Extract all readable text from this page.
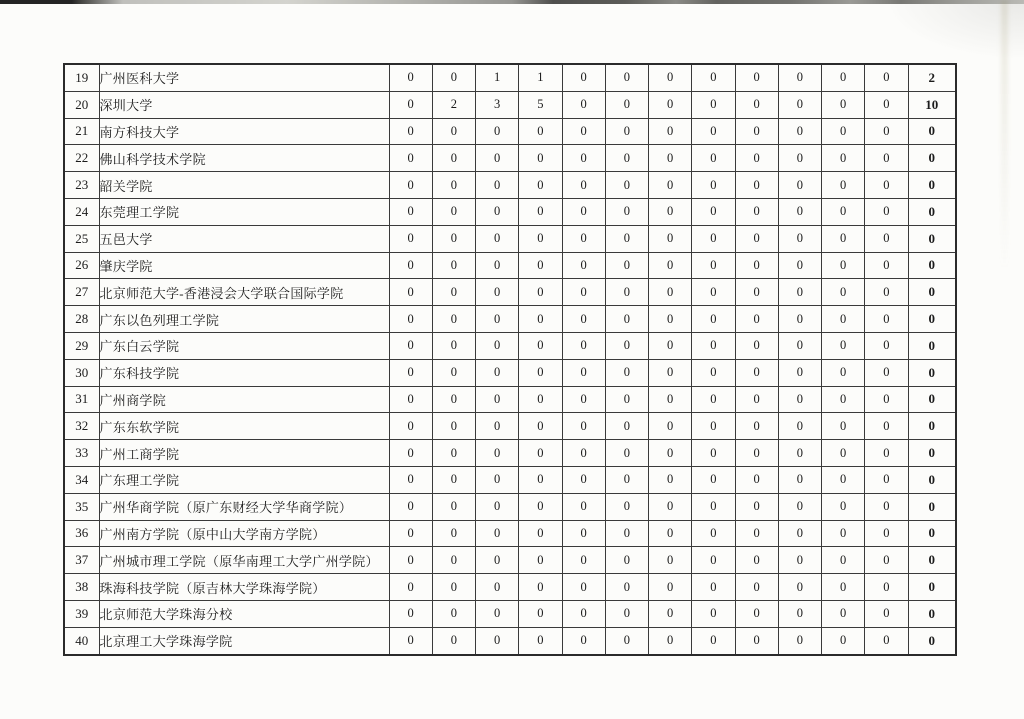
19	广州医科大学	0	0	1	1	0	0	0	0	0	0	0	0	2
20	深圳大学	0	2	3	5	0	0	0	0	0	0	0	0	10
21	南方科技大学	0	0	0	0	0	0	0	0	0	0	0	0	0
22	佛山科学技术学院	0	0	0	0	0	0	0	0	0	0	0	0	0
23	韶关学院	0	0	0	0	0	0	0	0	0	0	0	0	0
24	东莞理工学院	0	0	0	0	0	0	0	0	0	0	0	0	0
25	五邑大学	0	0	0	0	0	0	0	0	0	0	0	0	0
26	肇庆学院	0	0	0	0	0	0	0	0	0	0	0	0	0
27	北京师范大学-香港浸会大学联合国际学院	0	0	0	0	0	0	0	0	0	0	0	0	0
28	广东以色列理工学院	0	0	0	0	0	0	0	0	0	0	0	0	0
29	广东白云学院	0	0	0	0	0	0	0	0	0	0	0	0	0
30	广东科技学院	0	0	0	0	0	0	0	0	0	0	0	0	0
31	广州商学院	0	0	0	0	0	0	0	0	0	0	0	0	0
32	广东东软学院	0	0	0	0	0	0	0	0	0	0	0	0	0
33	广州工商学院	0	0	0	0	0	0	0	0	0	0	0	0	0
34	广东理工学院	0	0	0	0	0	0	0	0	0	0	0	0	0
35	广州华商学院（原广东财经大学华商学院）	0	0	0	0	0	0	0	0	0	0	0	0	0
36	广州南方学院（原中山大学南方学院）	0	0	0	0	0	0	0	0	0	0	0	0	0
37	广州城市理工学院（原华南理工大学广州学院）	0	0	0	0	0	0	0	0	0	0	0	0	0
38	珠海科技学院（原吉林大学珠海学院）	0	0	0	0	0	0	0	0	0	0	0	0	0
39	北京师范大学珠海分校	0	0	0	0	0	0	0	0	0	0	0	0	0
40	北京理工大学珠海学院	0	0	0	0	0	0	0	0	0	0	0	0	0
